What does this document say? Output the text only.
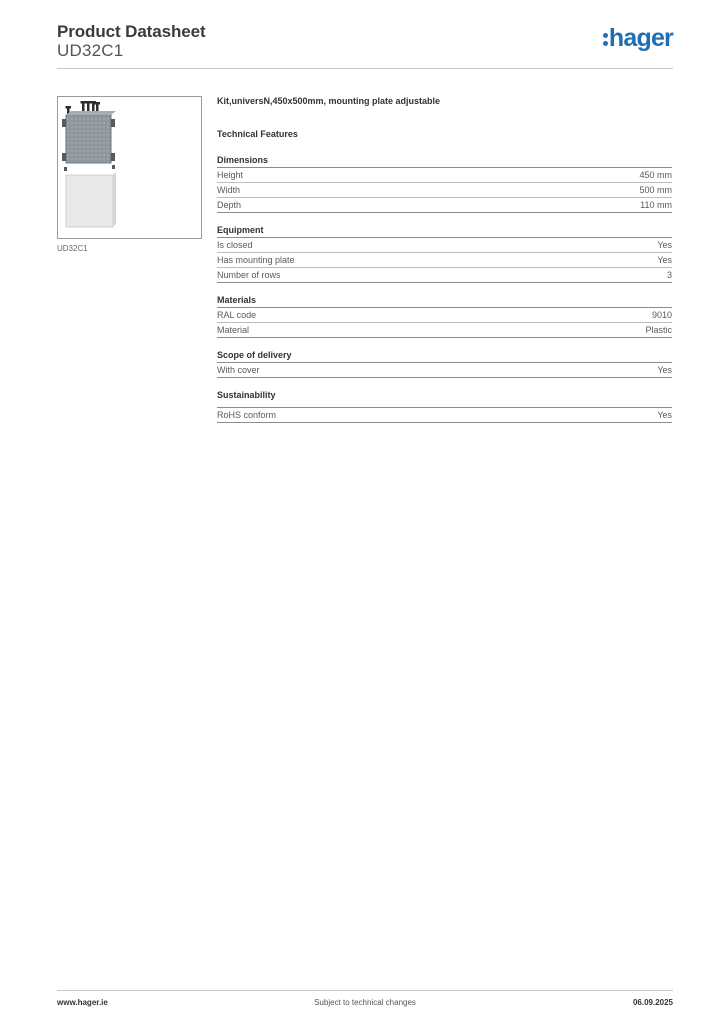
Product Datasheet
UD32C1	hager
UD32C1
Kit,universN,450x500mm, mounting plate adjustable
Technical Features
Dimensions
Height	450 mm
Width	500 mm
Depth	110 mm
Equipment
Is closed	Yes
Has mounting plate	Yes
Number of rows	3
Materials
RAL code	9010
Material	Plastic
Scope of delivery
With cover	Yes
Sustainability
RoHS conform	Yes
www.hager.ie	Subject to technical changes	06.09.2025
